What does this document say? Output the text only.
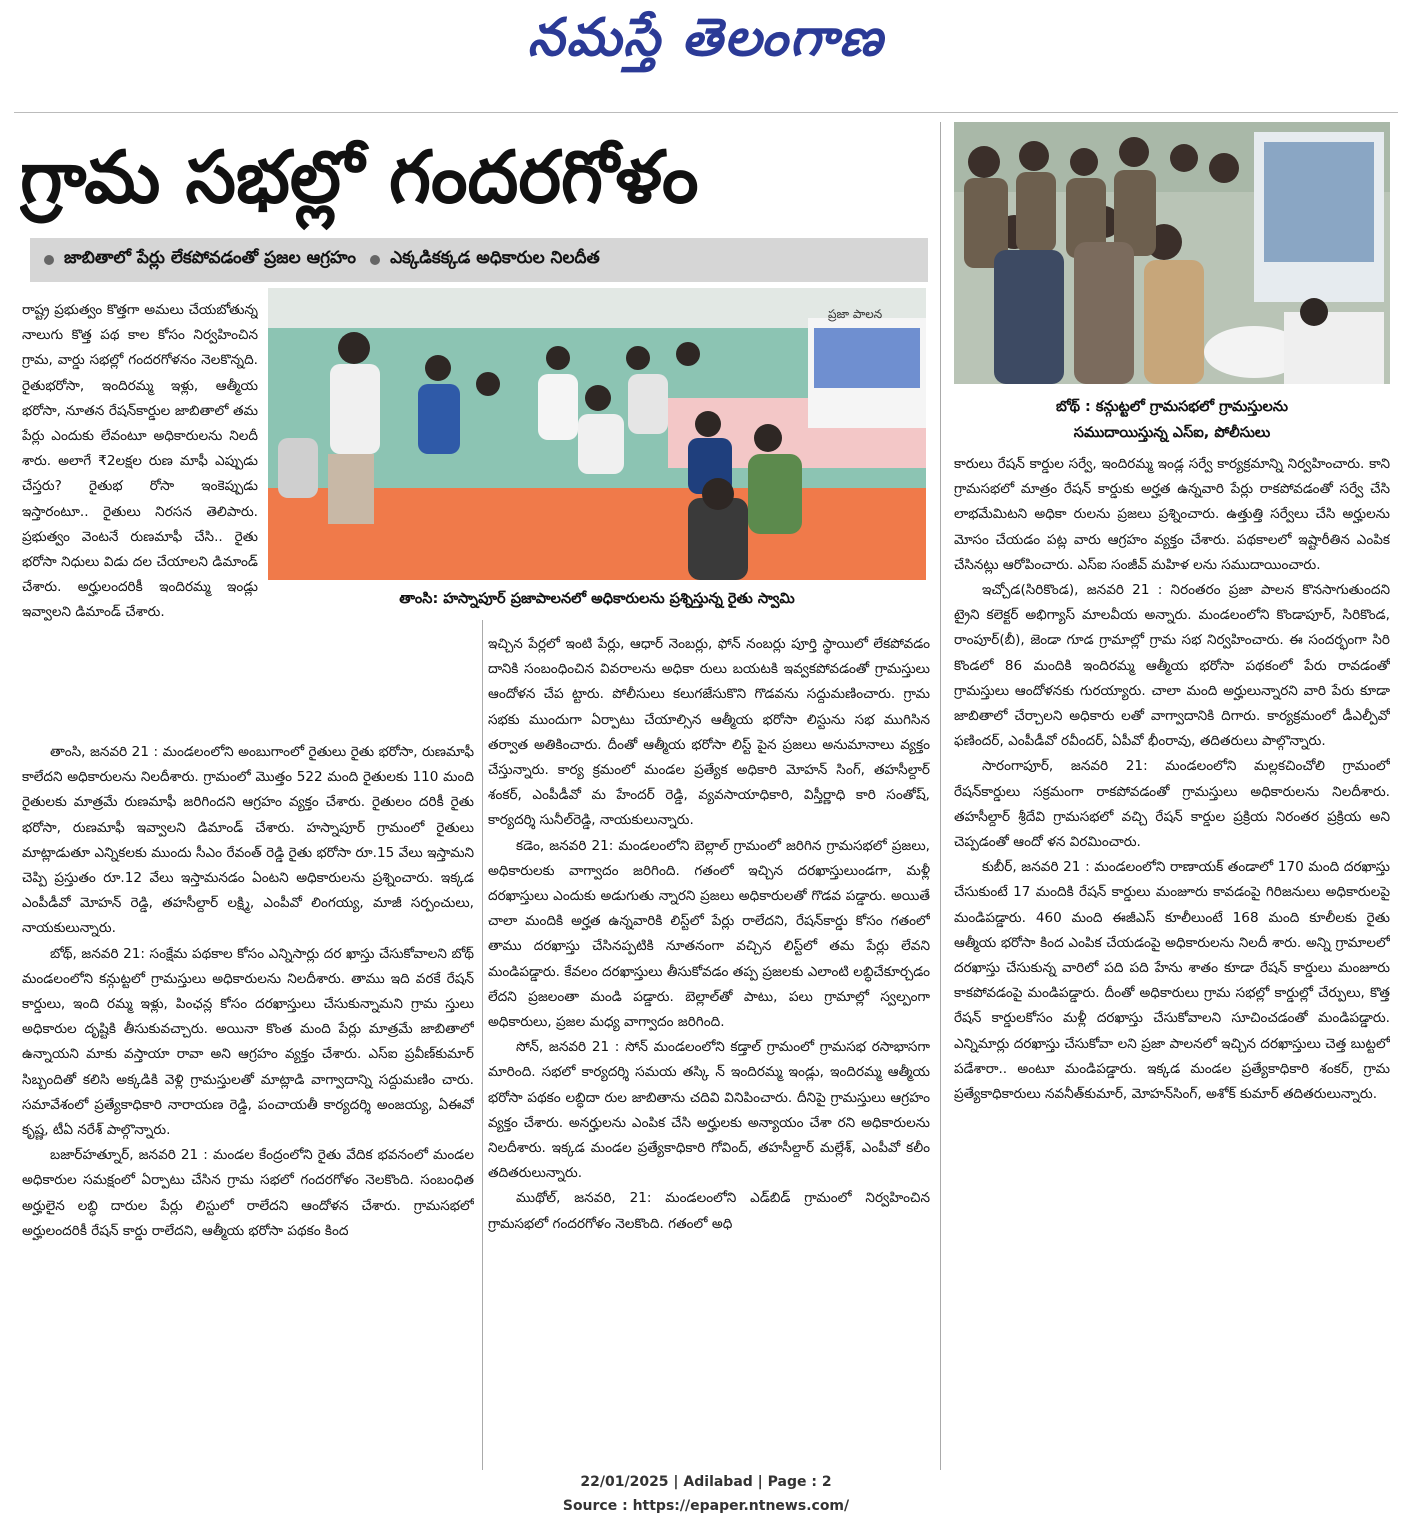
నమస్తే తెలంగాణ
గ్రామ సభల్లో గందరగోళం
జాబితాలో పేర్లు లేకపోవడంతో ప్రజల ఆగ్రహం ఎక్కడికక్కడ అధికారుల నిలదీత
బోథ్ : కన్గుట్టలో గ్రామసభలో గ్రామస్తులను
సముదాయిస్తున్న ఎస్ఐ, పోలీసులు
ప్రజా పాలన
తాంసి: హస్నాపూర్ ప్రజాపాలనలో అధికారులను ప్రశ్నిస్తున్న రైతు స్వామి

రాష్ట్ర ప్రభుత్వం కొత్తగా అమలు చేయబోతున్న నాలుగు కొత్త పథ కాల కోసం నిర్వహించిన గ్రామ, వార్డు సభల్లో గందరగోళనం నెలకొన్నది. రైతుభరోసా, ఇందిరమ్మ ఇళ్లు, ఆత్మీయ భరోసా, నూతన రేషన్‌కార్డుల జాబితాలో తమ పేర్లు ఎందుకు లేవంటూ అధికారులను నిలదీ శారు. అలాగే ₹2లక్షల రుణ మాఫీ ఎప్పుడు చేస్తరు? రైతుభ రోసా ఇంకెప్పుడు ఇస్తారంటూ.. రైతులు నిరసన తెలిపారు. ప్రభుత్వం వెంటనే రుణమాఫీ చేసి.. రైతు భరోసా నిధులు విడు దల చేయాలని డిమాండ్ చేశారు. అర్హులందరికీ ఇందిరమ్మ ఇండ్లు ఇవ్వాలని డిమాండ్ చేశారు.

తాంసి, జనవరి 21 : మండలంలోని అంబుగాంలో రైతులు రైతు భరోసా, రుణమాఫీ కాలేదని అధికారులను నిలదీశారు. గ్రామంలో మొత్తం 522 మంది రైతులకు 110 మంది రైతులకు మాత్రమే రుణమాఫీ జరిగిందని ఆగ్రహం వ్యక్తం చేశారు. రైతులం దరికీ రైతు భరోసా, రుణమాఫీ ఇవ్వాలని డిమాండ్ చేశారు. హస్నాపూర్ గ్రామంలో రైతులు మాట్లాడుతూ ఎన్నికలకు ముందు సీఎం రేవంత్ రెడ్డి రైతు భరోసా రూ.15 వేలు ఇస్తామని చెప్పి ప్రస్తుతం రూ.12 వేలు ఇస్తామనడం ఏంటని అధికారులను ప్రశ్నించారు. ఇక్కడ ఎంపీడీవో మోహన్ రెడ్డి, తహసీల్దార్ లక్ష్మి, ఎంపీవో లింగయ్య, మాజీ సర్పంచులు, నాయకులున్నారు.

బోథ్, జనవరి 21: సంక్షేమ పథకాల కోసం ఎన్నిసార్లు దర ఖాస్తు చేసుకోవాలని బోథ్ మండలంలోని కన్గుట్టలో గ్రామస్తులు అధికారులను నిలదీశారు. తాము ఇది వరకే రేషన్ కార్డులు, ఇంది రమ్మ ఇళ్లు, పింఛన్ల కోసం దరఖాస్తులు చేసుకున్నామని గ్రామ స్తులు అధికారుల దృష్టికి తీసుకువచ్చారు. అయినా కొంత మంది పేర్లు మాత్రమే జాబితాలో ఉన్నాయని మాకు వస్తాయా రావా అని ఆగ్రహం వ్యక్తం చేశారు. ఎస్ఐ ప్రవీణ్‌కుమార్ సిబ్బందితో కలిసి అక్కడికి వెళ్లి గ్రామస్తులతో మాట్లాడి వాగ్వాదాన్ని సద్దుమణిం చారు. సమావేశంలో ప్రత్యేకాధికారి నారాయణ రెడ్డి, పంచాయతీ కార్యదర్శి అంజయ్య, ఏఈవో కృష్ణ, టీఏ నరేశ్ పాల్గొన్నారు.

బజార్‌హత్నూర్, జనవరి 21 : మండల కేంద్రంలోని రైతు వేదిక భవనంలో మండల అధికారుల సమక్షంలో ఏర్పాటు చేసిన గ్రామ సభలో గందరగోళం నెలకొంది. సంబంధిత అర్హులైన లబ్ధి దారుల పేర్లు లిస్టులో రాలేదని ఆందోళన చేశారు. గ్రామసభలో అర్హులందరికీ రేషన్ కార్డు రాలేదని, ఆత్మీయ భరోసా పథకం కింద

ఇచ్చిన పేర్లలో ఇంటి పేర్లు, ఆధార్ నెంబర్లు, ఫోన్ నంబర్లు పూర్తి స్థాయిలో లేకపోవడం దానికి సంబంధించిన వివరాలను అధికా రులు బయటకి ఇవ్వకపోవడంతో గ్రామస్తులు ఆందోళన చేప ట్టారు. పోలీసులు కలుగజేసుకొని గొడవను సద్దుమణించారు. గ్రామ సభకు ముందుగా ఏర్పాటు చేయాల్సిన ఆత్మీయ భరోసా లిస్టును సభ ముగిసిన తర్వాత అతికించారు. దీంతో ఆత్మీయ భరోసా లిస్ట్ పైన ప్రజలు అనుమానాలు వ్యక్తం చేస్తున్నారు. కార్య క్రమంలో మండల ప్రత్యేక అధికారి మోహన్ సింగ్, తహసీల్దార్ శంకర్, ఎంపీడీవో మ హేందర్ రెడ్డి, వ్యవసాయాధికారి, విస్తీర్ణాధి కారి సంతోష్, కార్యదర్శి సునీల్‌రెడ్డి, నాయకులున్నారు.

కడెం, జనవరి 21: మండలంలోని బెల్లాల్ గ్రామంలో జరిగిన గ్రామసభలో ప్రజలు, అధికారులకు వాగ్వాదం జరిగింది. గతంలో ఇచ్చిన దరఖాస్తులుండగా, మళ్లీ దరఖాస్తులు ఎందుకు అడుగుతు న్నారని ప్రజలు అధికారులతో గొడవ పడ్డారు. అయితే చాలా మందికి అర్హత ఉన్నవారికి లిస్ట్‌లో పేర్లు రాలేదని, రేషన్‌కార్డు కోసం గతంలో తాము దరఖాస్తు చేసినప్పటికి నూతనంగా వచ్చిన లిస్ట్‌లో తమ పేర్లు లేవని మండిపడ్డారు. కేవలం దరఖాస్తులు తీసుకోవడం తప్ప ప్రజలకు ఎలాంటి లబ్ధిచేకూర్చడం లేదని ప్రజలంతా మండి పడ్డారు. బెల్లాల్‌తో పాటు, పలు గ్రామాల్లో స్వల్పంగా అధికారులు, ప్రజల మధ్య వాగ్వాదం జరిగింది.

సోన్, జనవరి 21 : సోన్ మండలంలోని కడ్తాల్ గ్రామంలో గ్రామసభ రసాభాసగా మారింది. సభలో కార్యదర్శి సమయ తస్కి న్ ఇందిరమ్మ ఇండ్లు, ఇందిరమ్మ ఆత్మీయ భరోసా పథకం లబ్ధిదా రుల జాబితాను చదివి వినిపించారు. దీనిపై గ్రామస్తులు ఆగ్రహం వ్యక్తం చేశారు. అనర్హులను ఎంపిక చేసి అర్హులకు అన్యాయం చేశా రని అధికారులను నిలదీశారు. ఇక్కడ మండల ప్రత్యేకాధికారి గోవింద్, తహసీల్దార్ మల్లేశ్, ఎంపీవో కలీం తదితరులున్నారు.

ముథోల్, జనవరి, 21: మండలంలోని ఎడ్‌బిడ్ గ్రామంలో నిర్వహించిన గ్రామసభలో గందరగోళం నెలకొంది. గతంలో అధి

కారులు రేషన్ కార్డుల సర్వే, ఇందిరమ్మ ఇండ్ల సర్వే కార్యక్రమాన్ని నిర్వహించారు. కాని గ్రామసభలో మాత్రం రేషన్ కార్డుకు అర్హత ఉన్నవారి పేర్లు రాకపోవడంతో సర్వే చేసి లాభమేమిటని అధికా రులను ప్రజలు ప్రశ్నించారు. ఉత్తుత్తి సర్వేలు చేసి అర్హులను మోసం చేయడం పట్ల వారు ఆగ్రహం వ్యక్తం చేశారు. పథకాలలో ఇష్టారీతిన ఎంపిక చేసినట్లు ఆరోపించారు. ఎస్ఐ సంజీవ్ మహిళ లను సముదాయించారు.

ఇచ్చోడ(సిరికొండ), జనవరి 21 : నిరంతరం ప్రజా పాలన కొనసాగుతుందని ట్రైని కలెక్టర్ అభిగ్యాస్ మాలవీయ అన్నారు. మండలంలోని కొండాపూర్, సిరికొండ, రాంపూర్(బీ), జెండా గూడ గ్రామాల్లో గ్రామ సభ నిర్వహించారు. ఈ సందర్భంగా సిరి కొండలో 86 మందికి ఇందిరమ్మ ఆత్మీయ భరోసా పథకంలో పేరు రావడంతో గ్రామస్తులు ఆందోళనకు గురయ్యారు. చాలా మంది అర్హులున్నారని వారి పేరు కూడా జాబితాలో చేర్చాలని అధికారు లతో వాగ్వాదానికి దిగారు. కార్యక్రమంలో డీఎల్పీవో ఫణిందర్, ఎంపీడీవో రవీందర్, ఏపీవో భీంరావు, తదితరులు పాల్గొన్నారు.

సారంగాపూర్, జనవరి 21: మండలంలోని మల్లకచించోలి గ్రామంలో రేషన్‌కార్డులు సక్రమంగా రాకపోవడంతో గ్రామస్తులు అధికారులను నిలదీశారు. తహసీల్దార్ శ్రీదేవి గ్రామసభలో వచ్చి రేషన్ కార్డుల ప్రక్రియ నిరంతర ప్రక్రియ అని చెప్పడంతో ఆందో ళన విరమించారు.

కుబీర్, జనవరి 21 : మండలంలోని రాణాయక్ తండాలో 170 మంది దరఖాస్తు చేసుకుంటే 17 మందికి రేషన్ కార్డులు మంజూరు కావడంపై గిరిజనులు అధికారులపై మండిపడ్డారు. 460 మంది ఈజీఎస్ కూలీలుంటే 168 మంది కూలీలకు రైతు ఆత్మీయ భరోసా కింద ఎంపిక చేయడంపై అధికారులను నిలదీ శారు. అన్ని గ్రామాలలో దరఖాస్తు చేసుకున్న వారిలో పది పది హేను శాతం కూడా రేషన్ కార్డులు మంజూరు కాకపోవడంపై మండిపడ్డారు. దీంతో అధికారులు గ్రామ సభల్లో కార్డుల్లో చేర్పులు, కొత్త రేషన్ కార్డులకోసం మళ్లీ దరఖాస్తు చేసుకోవాలని సూచించడంతో మండిపడ్డారు. ఎన్నిమార్లు దరఖాస్తు చేసుకోవా లని ప్రజా పాలనలో ఇచ్చిన దరఖాస్తులు చెత్త బుట్టలో పడేశారా.. అంటూ మండిపడ్డారు. ఇక్కడ మండల ప్రత్యేకాధికారి శంకర్, గ్రామ ప్రత్యేకాధికారులు నవనీత్‌కుమార్, మోహన్‌సింగ్, అశోక్ కుమార్ తదితరులున్నారు.

22/01/2025 | Adilabad | Page : 2
Source : https://epaper.ntnews.com/
